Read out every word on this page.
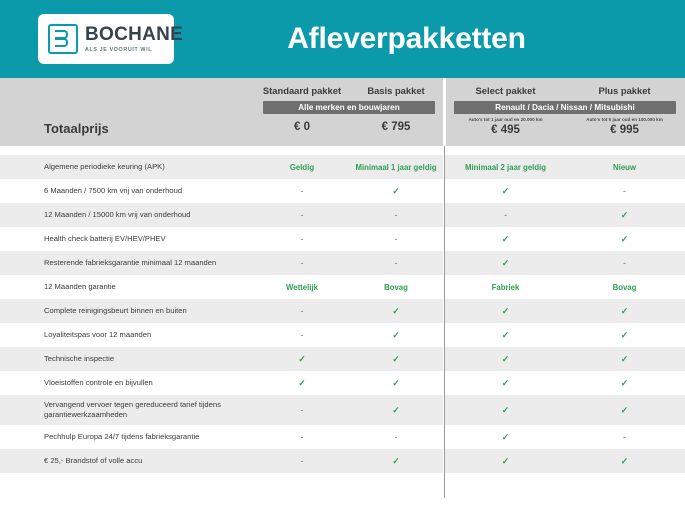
BOCHANE
ALS JE VOORUIT WIL	Afleverpakketten
Totaalprijs
Standaard pakket	Basis pakket
Alle merken en bouwjaren
€ 0	€ 795
Select pakket	Plus pakket
Renault / Dacia / Nissan / Mitsubishi
Auto's tot 1 jaar oud en 20.000 km	Auto's tot 5 jaar oud en 100.000 km
€ 495	€ 995
Algemene periodieke keuring (APK)	Geldig	Minimaal 1 jaar geldig	Minimaal 2 jaar geldig	Nieuw
6 Maanden / 7500 km vrij van onderhoud	-	✓	✓	-
12 Maanden / 15000 km vrij van onderhoud	-	-	-	✓
Health check batterij EV/HEV/PHEV	-	-	✓	✓
Resterende fabrieksgarantie minimaal 12 maanden	-	-	✓	-
12 Maanden garantie	Wettelijk	Bovag	Fabriek	Bovag
Complete reinigingsbeurt binnen en buiten	-	✓	✓	✓
Loyaliteitspas voor 12 maanden	-	✓	✓	✓
Technische inspectie	✓	✓	✓	✓
Vloeistoffen controle en bijvullen	✓	✓	✓	✓
Vervangend vervoer tegen gereduceerd tarief tijdens garantiewerkzaamheden	-	✓	✓	✓
Pechhulp Europa 24/7 tijdens fabrieksgarantie	-	-	✓	-
€ 25,- Brandstof of volle accu	-	✓	✓	✓
